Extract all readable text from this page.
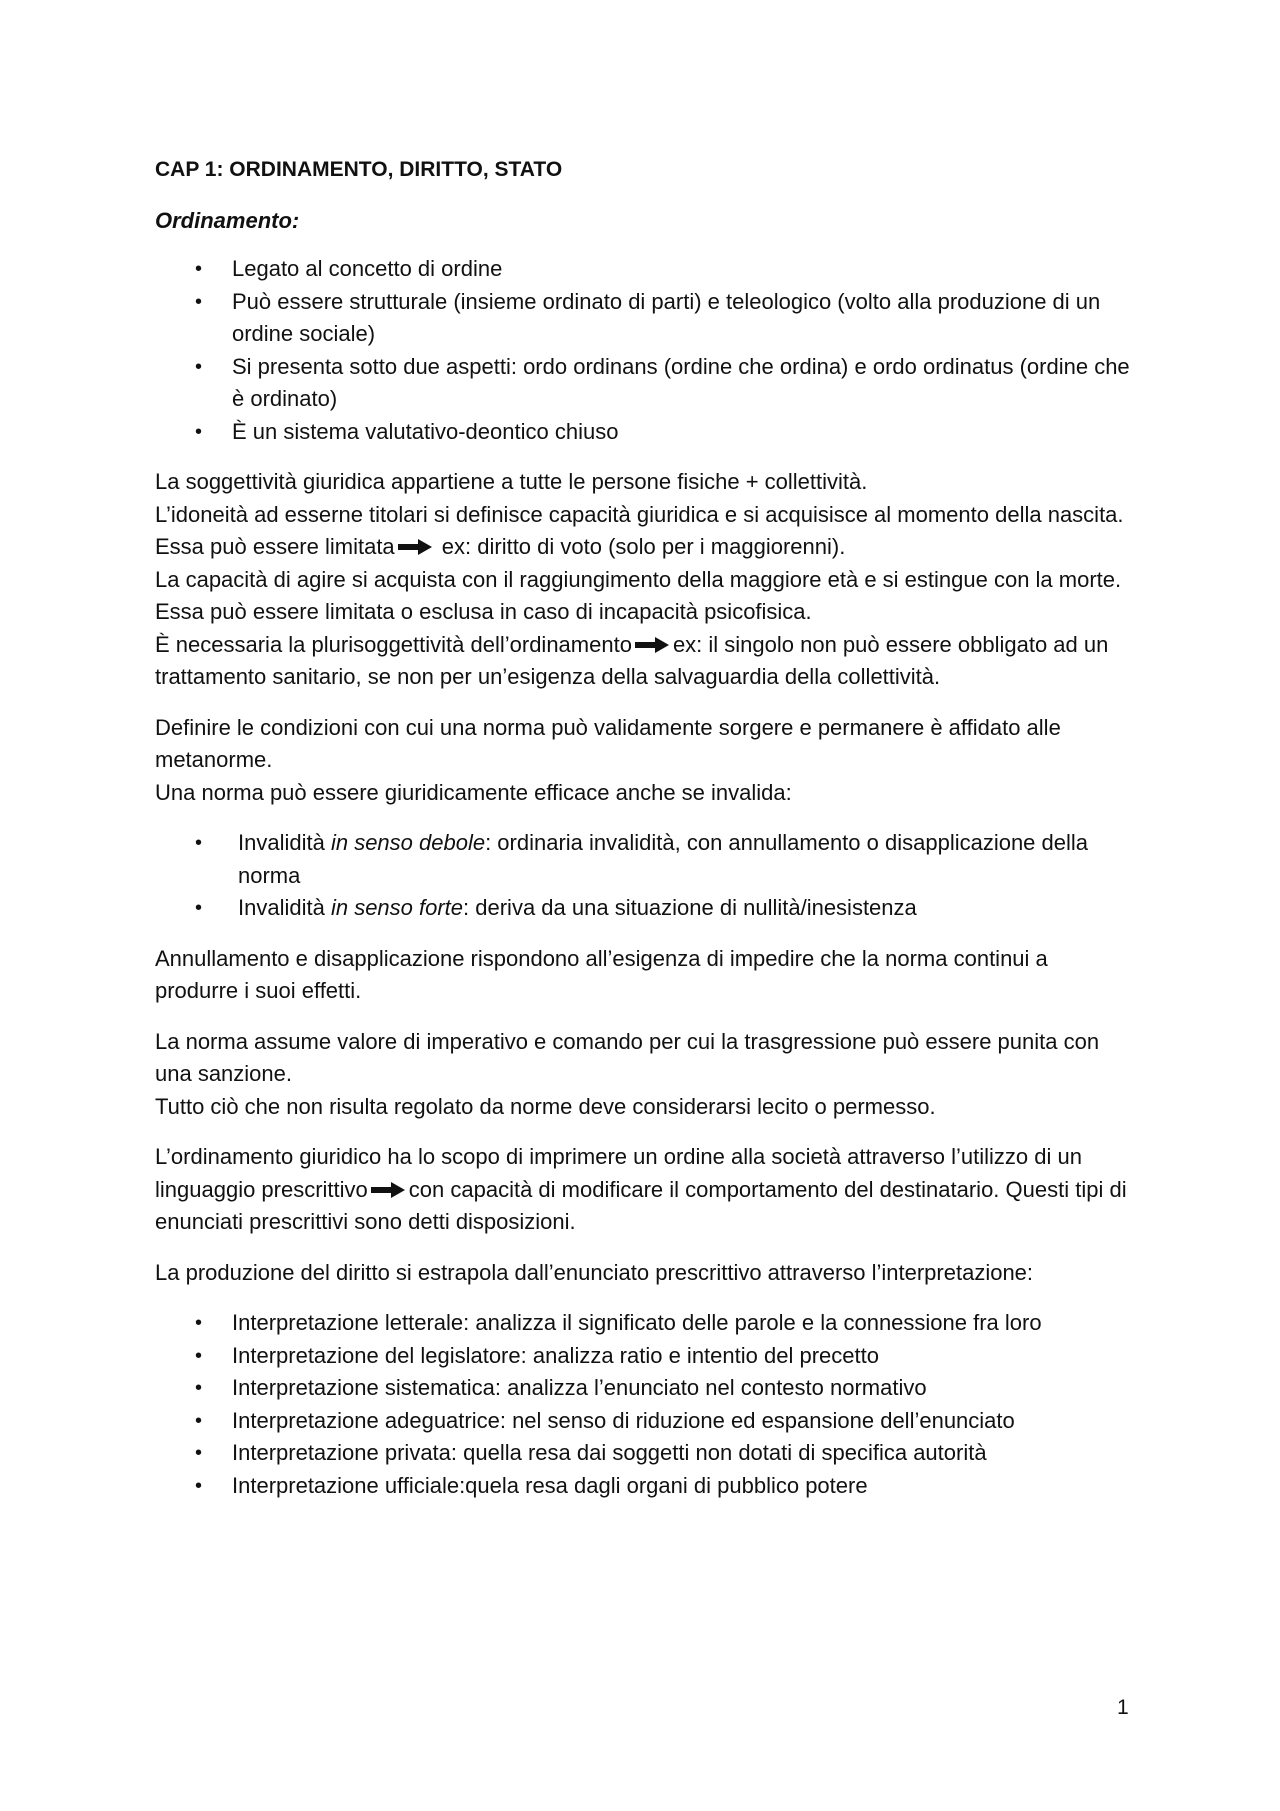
CAP 1: ORDINAMENTO, DIRITTO, STATO
Ordinamento:
• Legato al concetto di ordine
• Può essere strutturale (insieme ordinato di parti) e teleologico (volto alla produzione di un ordine sociale)
• Si presenta sotto due aspetti: ordo ordinans (ordine che ordina) e ordo ordinatus (ordine che è ordinato)
• È un sistema valutativo-deontico chiuso

La soggettività giuridica appartiene a tutte le persone fisiche + collettività.
L’idoneità ad esserne titolari si definisce capacità giuridica e si acquisisce al momento della nascita. Essa può essere limitata ex: diritto di voto (solo per i maggiorenni).
La capacità di agire si acquista con il raggiungimento della maggiore età e si estingue con la morte. Essa può essere limitata o esclusa in caso di incapacità psicofisica.
È necessaria la plurisoggettività dell’ordinamento ex: il singolo non può essere obbligato ad un trattamento sanitario, se non per un’esigenza della salvaguardia della collettività.

Definire le condizioni con cui una norma può validamente sorgere e permanere è affidato alle metanorme.
Una norma può essere giuridicamente efficace anche se invalida:

• Invalidità in senso debole: ordinaria invalidità, con annullamento o disapplicazione della norma
• Invalidità in senso forte: deriva da una situazione di nullità/inesistenza

Annullamento e disapplicazione rispondono all’esigenza di impedire che la norma continui a produrre i suoi effetti.

La norma assume valore di imperativo e comando per cui la trasgressione può essere punita con una sanzione.
Tutto ciò che non risulta regolato da norme deve considerarsi lecito o permesso.

L’ordinamento giuridico ha lo scopo di imprimere un ordine alla società attraverso l’utilizzo di un linguaggio prescrittivo con capacità di modificare il comportamento del destinatario. Questi tipi di enunciati prescrittivi sono detti disposizioni.

La produzione del diritto si estrapola dall’enunciato prescrittivo attraverso l’interpretazione:

• Interpretazione letterale: analizza il significato delle parole e la connessione fra loro
• Interpretazione del legislatore: analizza ratio e intentio del precetto
• Interpretazione sistematica: analizza l’enunciato nel contesto normativo
• Interpretazione adeguatrice: nel senso di riduzione ed espansione dell’enunciato
• Interpretazione privata: quella resa dai soggetti non dotati di specifica autorità
• Interpretazione ufficiale:quela resa dagli organi di pubblico potere
1
